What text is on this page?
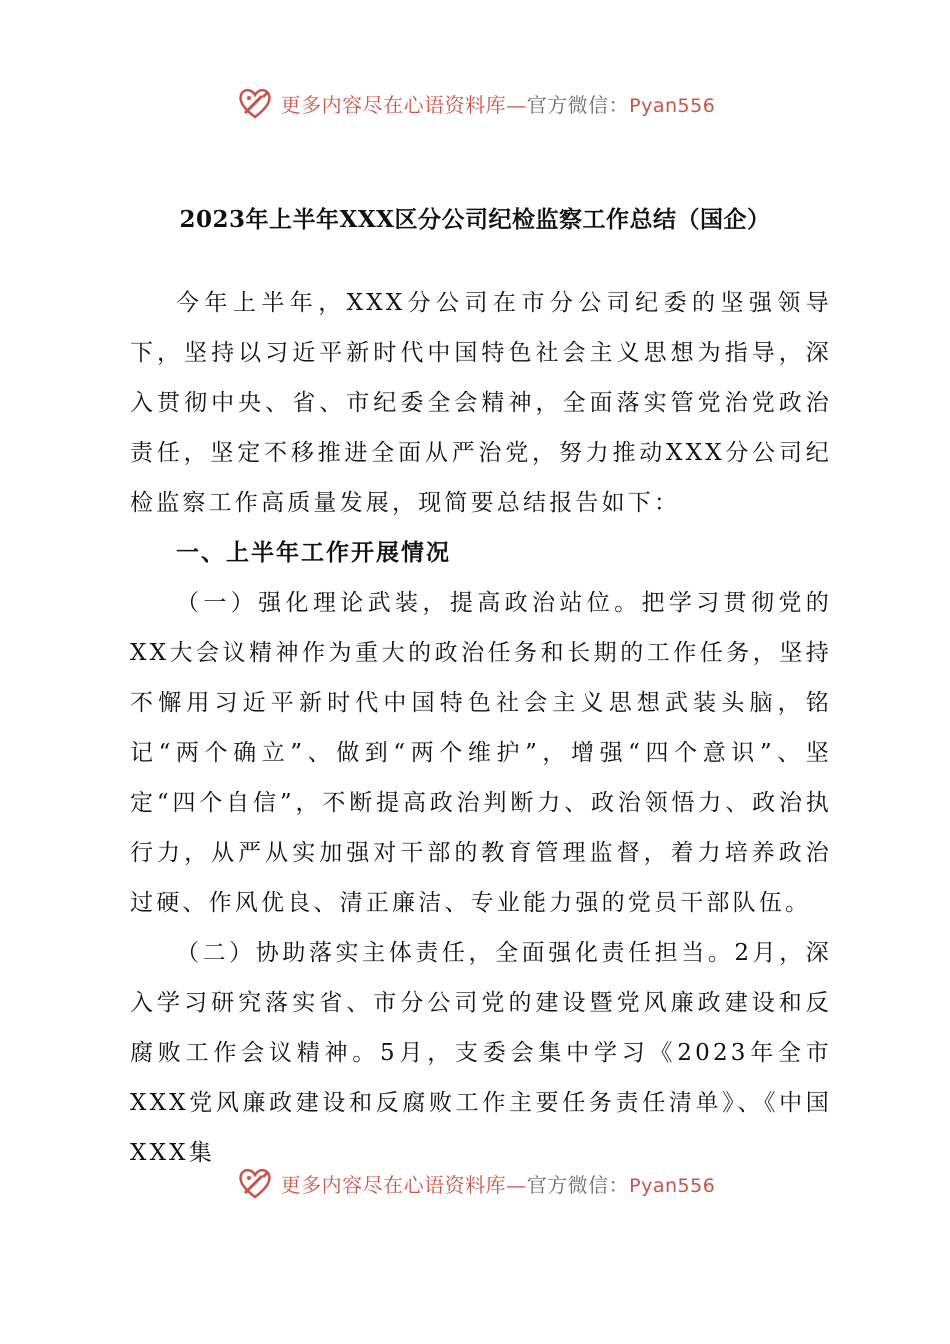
更多内容尽在心语资料库—官方微信：Pyan556
2023年上半年XXX区分公司纪检监察工作总结（国企）

今年上半年，XXX分公司在市分公司纪委的坚强领导下，坚持以习近平新时代中国特色社会主义思想为指导，深入贯彻中央、省、市纪委全会精神，全面落实管党治党政治责任，坚定不移推进全面从严治党，努力推动XXX分公司纪检监察工作高质量发展，现简要总结报告如下：

一、上半年工作开展情况

（一）强化理论武装，提高政治站位。把学习贯彻党的XX大会议精神作为重大的政治任务和长期的工作任务，坚持不懈用习近平新时代中国特色社会主义思想武装头脑，铭记“两个确立”、做到“两个维护”，增强“四个意识”、坚定“四个自信”，不断提高政治判断力、政治领悟力、政治执行力，从严从实加强对干部的教育管理监督，着力培养政治过硬、作风优良、清正廉洁、专业能力强的党员干部队伍。

（二）协助落实主体责任，全面强化责任担当。2月，深入学习研究落实省、市分公司党的建设暨党风廉政建设和反腐败工作会议精神。5月，支委会集中学习《2023年全市XXX党风廉政建设和反腐败工作主要任务责任清单》、《中国XXX集

更多内容尽在心语资料库—官方微信：Pyan556
